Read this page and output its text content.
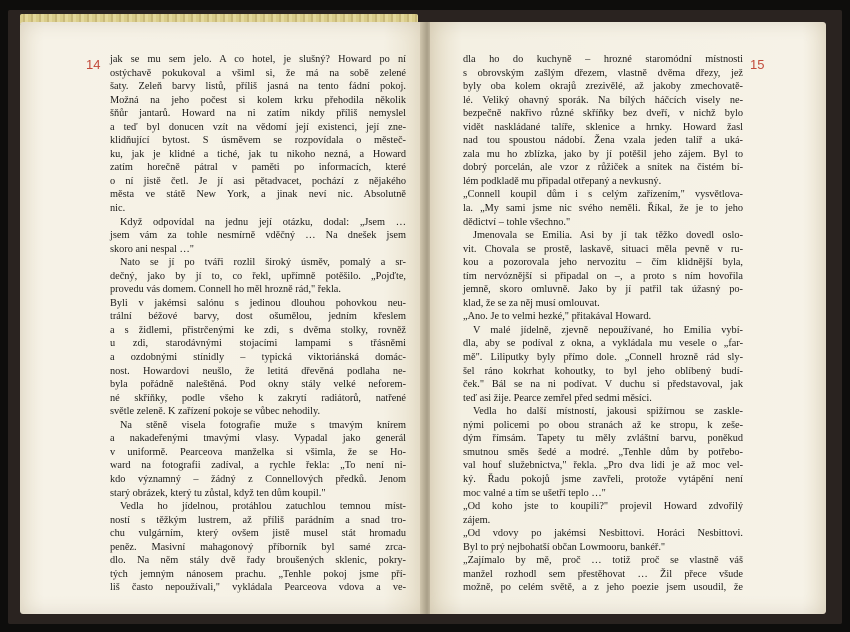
14 jak se mu sem jelo. A co hotel, je slušný? Howard po ní
ostýchavě pokukoval a všiml si, že má na sobě zelené
šaty. Zeleň barvy listů, příliš jasná na tento fádní pokoj.
Možná na jeho počest si kolem krku přehodila několik
šňůr jantarů. Howard na ni zatím nikdy příliš nemyslel
a teď byl donucen vzít na vědomí její existenci, její zne-
klidňující bytost. S úsměvem se rozpovídala o městeč-
ku, jak je klidné a tiché, jak tu nikoho nezná, a Howard
zatím horečně pátral v paměti po informacích, které
o ní jistě četl. Je jí asi pětadvacet, pochází z nějakého
města ve státě New York, a jinak neví nic. Absolutně
nic.
Když odpovídal na jednu její otázku, dodal: „Jsem …
jsem vám za tohle nesmírně vděčný … Na dnešek jsem
skoro ani nespal …"
Nato se jí po tváři rozlil široký úsměv, pomalý a sr-
dečný, jako by jí to, co řekl, upřímně potěšilo. „Pojďte,
provedu vás domem. Connell ho měl hrozně rád," řekla.
Byli v jakémsi salónu s jedinou dlouhou pohovkou neu-
trální béžové barvy, dost ošumělou, jedním křeslem
a s židlemi, přistrčenými ke zdi, s dvěma stolky, rovněž
u zdi, starodávnými stojacími lampami s třásněmi
a ozdobnými stínidly – typická viktoriánská domác-
nost. Howardovi neušlo, že letitá dřevěná podlaha ne-
byla pořádně naleštěná. Pod okny stály velké neforem-
né skříňky, podle všeho k zakrytí radiátorů, natřené
světle zeleně. K zařízení pokoje se vůbec nehodily.
Na stěně visela fotografie muže s tmavým knírem
a nakadeřenými tmavými vlasy. Vypadal jako generál
v uniformě. Pearceova manželka si všimla, že se Ho-
ward na fotografii zadíval, a rychle řekla: „To není ni-
kdo významný – žádný z Connellových předků. Jenom
starý obrázek, který tu zůstal, když ten dům koupil."
Vedla ho jídelnou, protáhlou zatuchlou temnou míst-
ností s těžkým lustrem, až příliš parádním a snad tro-
chu vulgárním, který ovšem jistě musel stát hromadu
peněz. Masivní mahagonový příborník byl samé zrca-
dlo. Na něm stály dvě řady broušených sklenic, pokry-
tých jemným nánosem prachu. „Tenhle pokoj jsme pří-
liš často nepoužívali," vykládala Pearceova vdova a ve-
15
dla ho do kuchyně – hrozné staromódní místnosti
s obrovským zašlým dřezem, vlastně dvěma dřezy, jež
byly oba kolem okrajů zrezivělé, až jakoby zmechovatě-
lé. Veliký ohavný sporák. Na bílých háčcích visely ne-
bezpečně nakřivo různé skříňky bez dveří, v nichž bylo
vidět naskládané talíře, sklenice a hrnky. Howard žasl
nad tou spoustou nádobí. Žena vzala jeden talíř a uká-
zala mu ho zblízka, jako by jí potěšil jeho zájem. Byl to
dobrý porcelán, ale vzor z růžiček a snítek na čistém bí-
lém podkladě mu připadal otřepaný a nevkusný.
„Connell koupil dům i s celým zařízením," vysvětlova-
la. „My sami jsme nic svého neměli. Říkal, že je to jeho
dědictví – tohle všechno."
Jmenovala se Emilia. Asi by jí tak těžko dovedl oslo-
vit. Chovala se prostě, laskavě, situaci měla pevně v ru-
kou a pozorovala jeho nervozitu – čím klidnější byla,
tím nervóznější si připadal on –, a proto s ním hovořila
jemně, skoro omluvně. Jako by jí patřil tak úžasný po-
klad, že se za něj musí omlouvat.
„Ano. Je to velmi hezké," přitakával Howard.
V malé jídelně, zjevně nepoužívané, ho Emilia vybí-
dla, aby se podíval z okna, a vykládala mu vesele o „far-
mě". Liliputky byly přímo dole. „Connell hrozně rád sly-
šel ráno kokrhat kohoutky, to byl jeho oblíbený budí-
ček." Bál se na ni podívat. V duchu si představoval, jak
teď asi žije. Pearce zemřel před sedmi měsíci.
Vedla ho další místností, jakousi spižírnou se zaskle-
nými policemi po obou stranách až ke stropu, k zeše-
dým římsám. Tapety tu měly zvláštní barvu, poněkud
smutnou směs šedé a modré. „Tenhle dům by potřebo-
val houf služebnictva," řekla. „Pro dva lidi je až moc vel-
ký. Řadu pokojů jsme zavřeli, protože vytápění není
moc valné a tím se ušetří teplo …"
„Od koho jste to koupili?" projevil Howard zdvořilý
zájem.
„Od vdovy po jakémsi Nesbittovi. Horáci Nesbittovi.
Byl to prý nejbohatší občan Lowmooru, bankéř."
„Zajímalo by mě, proč … totiž proč se vlastně váš
manžel rozhodl sem přestěhovat … Žil přece všude
možně, po celém světě, a z jeho poezie jsem usoudil, že
